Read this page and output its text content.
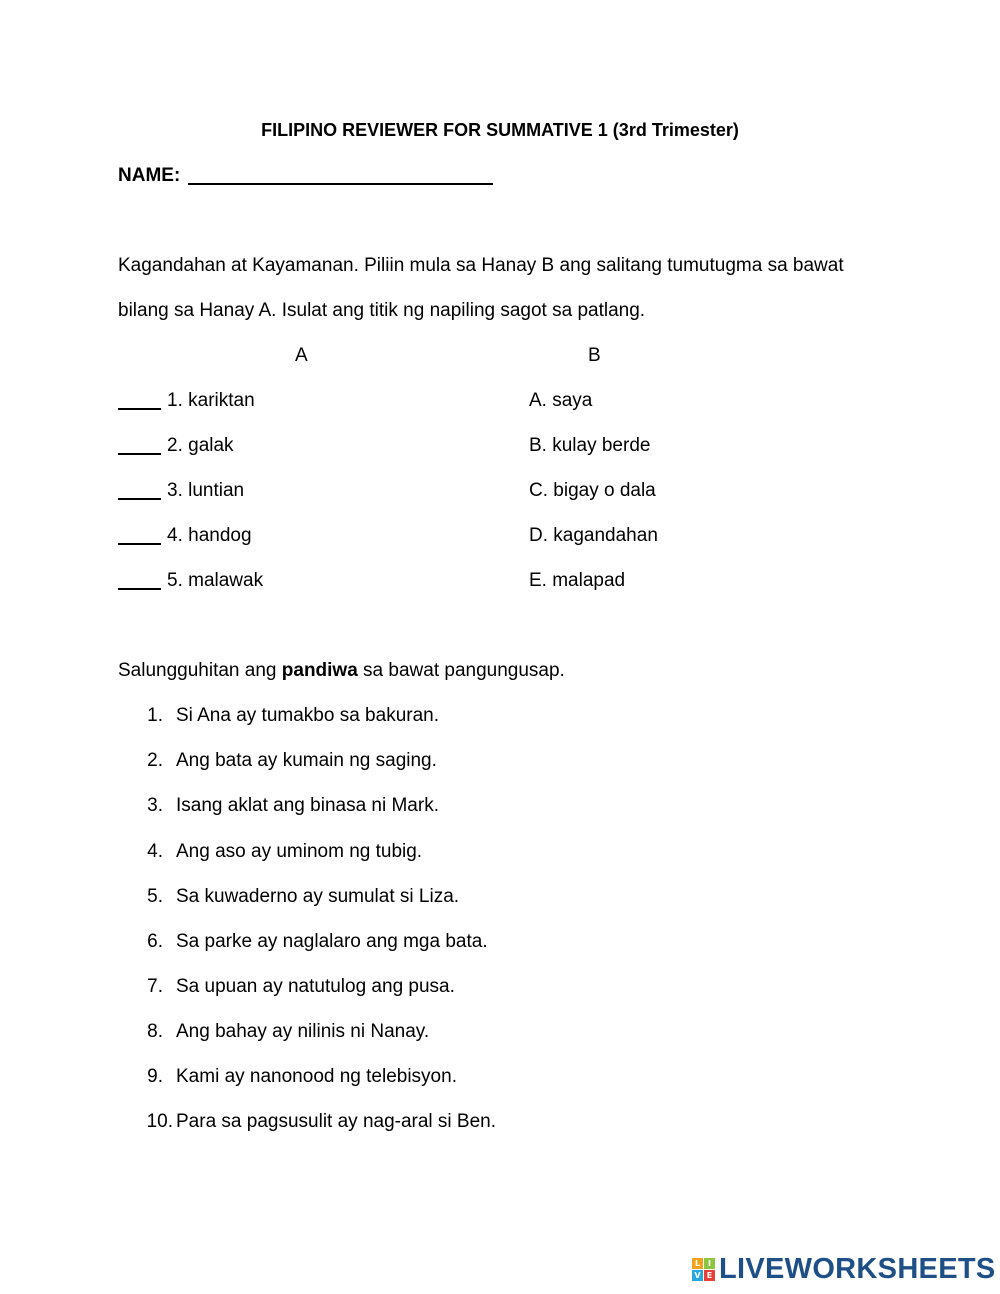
FILIPINO REVIEWER FOR SUMMATIVE 1 (3rd Trimester)
NAME:
Kagandahan at Kayamanan. Piliin mula sa Hanay B ang salitang tumutugma sa bawat
bilang sa Hanay A. Isulat ang titik ng napiling sagot sa patlang.
A	B
1. kariktan	A. saya
2. galak	B. kulay berde
3. luntian	C. bigay o dala
4. handog	D. kagandahan
5. malawak	E. malapad
Salungguhitan ang pandiwa sa bawat pangungusap.
1. Si Ana ay tumakbo sa bakuran.
2. Ang bata ay kumain ng saging.
3. Isang aklat ang binasa ni Mark.
4. Ang aso ay uminom ng tubig.
5. Sa kuwaderno ay sumulat si Liza.
6. Sa parke ay naglalaro ang mga bata.
7. Sa upuan ay natutulog ang pusa.
8. Ang bahay ay nilinis ni Nanay.
9. Kami ay nanonood ng telebisyon.
10. Para sa pagsusulit ay nag-aral si Ben.
L I
V E LIVEWORKSHEETS
